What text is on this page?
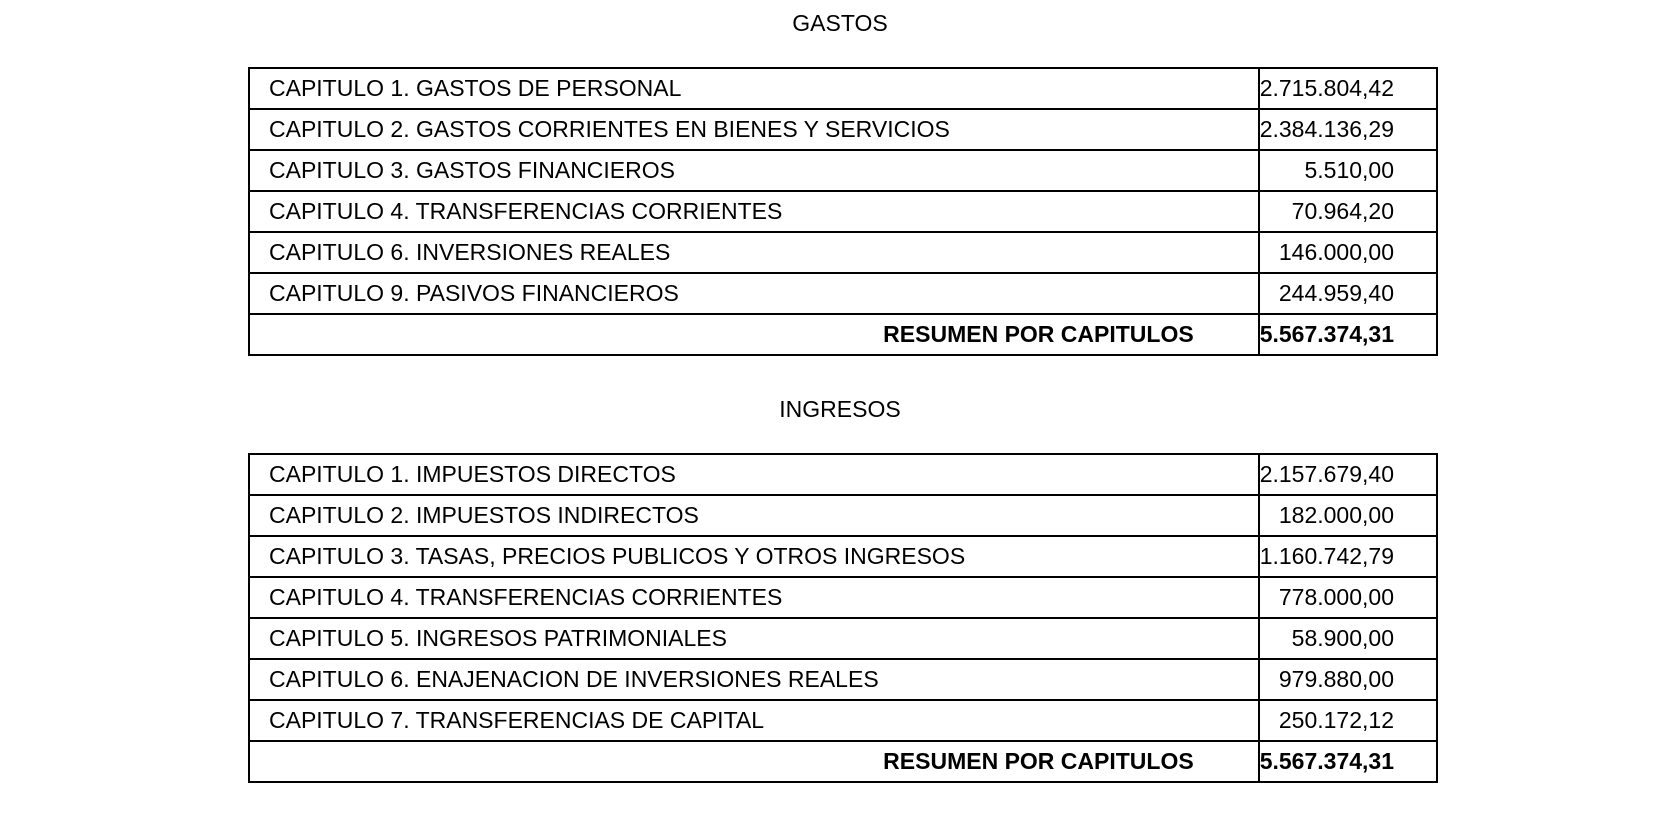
GASTOS
CAPITULO 1. GASTOS DE PERSONAL	2.715.804,42
CAPITULO 2. GASTOS CORRIENTES EN BIENES Y SERVICIOS	2.384.136,29
CAPITULO 3. GASTOS FINANCIEROS	5.510,00
CAPITULO 4. TRANSFERENCIAS CORRIENTES	70.964,20
CAPITULO 6. INVERSIONES REALES	146.000,00
CAPITULO 9. PASIVOS FINANCIEROS	244.959,40
RESUMEN POR CAPITULOS	5.567.374,31
INGRESOS
CAPITULO 1. IMPUESTOS DIRECTOS	2.157.679,40
CAPITULO 2. IMPUESTOS INDIRECTOS	182.000,00
CAPITULO 3. TASAS, PRECIOS PUBLICOS Y OTROS INGRESOS	1.160.742,79
CAPITULO 4. TRANSFERENCIAS CORRIENTES	778.000,00
CAPITULO 5. INGRESOS PATRIMONIALES	58.900,00
CAPITULO 6. ENAJENACION DE INVERSIONES REALES	979.880,00
CAPITULO 7. TRANSFERENCIAS DE CAPITAL	250.172,12
RESUMEN POR CAPITULOS	5.567.374,31
